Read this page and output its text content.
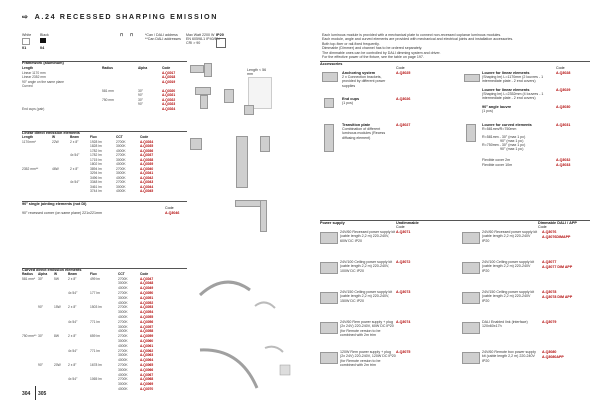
⇨ A.24 RECESSED SHARPING EMISSION
White Black
01	04
⊓ ⊓	*Can / DALI address
**Can DALI addresses
Max Watt 2200 W
EN 60598-1 IP40/EN
CRI > 90
IP20	Each luminous module is provided with a mechanical plate to connect non-recessed coplanar luminous modules.
Each module, angle and curved elements are provided with mechanical and electrical joints and installation accessories.
Both top-fixer or rail-fixed frequently.
Dimmable (Dimmer) and channel has to be ordered separately.
The dimmable ones can be controlled by DALI dimming system and driver.
For the effective power of the fixture, see the table on page 197.
Framework (aluminum)
Length	Radius	Alpha	Code
Linear 1170 mm	A.Q3017
Linear 2352 mm	A.Q3018
90° angle on the same plane	A.Q3019
Curved
581 mm	30°	A.Q3020
90°	A.Q3021
750 mm	30°	A.Q3022
90°	A.Q3023
End cups (pair)	A.Q3024
Length < 56 mm
Linear direct emission elements
Length	W	Beam	Flux	CCT	Code
1170mm*	22W	2 x 8°	1928 lm	2700K	A.Q3034
1828 lm	3000K	A.Q3035
1782 lm	4000K	A.Q3036
4x 54°	1782 lm	2700K	A.Q3037
1715 lm	3000K	A.Q3038
1802 lm	4000K	A.Q3039
2352 mm**	46W	2 x 8°	3894 lm	2700K	A.Q3040
3294 lm	3000K	A.Q3041
3496 lm	4000K	A.Q3042
4x 54°	3348 lm	2700K	A.Q3043
3461 lm	3000K	A.Q3044
3744 lm	4000K	A.Q3045
90° single jointing elements (not DI)
Code
90° recessed corner (on same plane) 221x221mm	A.Q3046
Curved direct emission elements
Radius Alpha W	Beam	Flux	CCT	Code
581 mm* 30°	5W	2 x 8°	499 lm	2700K	A.Q3047
3000K	A.Q3048
4000K	A.Q3049
4x 54°	177 lm	2700K	A.Q3050
3000K	A.Q3051
4000K	A.Q3052
90°	15W 2 x 8°	1503 lm	2700K	A.Q3053
3000K	A.Q3054
4000K	A.Q3055
4x 54°	771 lm	2700K	A.Q3056
3000K	A.Q3057
4000K	A.Q3058
750 mm** 30°	8W	2 x 8°	659 lm	2700K	A.Q3059
3000K	A.Q3060
4000K	A.Q3061
4x 54°	771 lm	2700K	A.Q3062
3000K	A.Q3063
4000K	A.Q3064
90°	20W 2 x 8°	1678 lm	2700K	A.Q3065
3000K	A.Q3066
4000K	A.Q3067
4x 54°	1065 lm	2700K	A.Q3068
3000K	A.Q3069
4000K	A.Q3070
Accessories
Code	Code
Anchoring system
2 x Connection brackets, provided by different power supplies
A.Q3025
End cups
(1 pcs)
A.Q3026
Transition plate
Combination of different luminous modules (Recess diffusing element)
A.Q3027
Louvre for linear elements
(Shaping lm) L=1170mm (2 louvres - 1 intermediate plate - 2 end covers)
A.Q3028
Louvre for linear elements
(Shaping lm) L=2352mm (4 louvres - 1 intermediate plate - 2 end covers)
A.Q3029
90° angle louvre
(1 pcs)
A.Q3030
Louvre for curved elements
R=581mm/R=750mm
A.Q3031
R=581mm - 30° (max 1 pc)
90° (max 1 pc)
R=750mm - 30° (max 1 pc)
90° (max 1 pc)
Flexible cover 2m	A.Q3032
Flexible cover 10m	A.Q3033
Power supply	Undimmable
Code
Dimmable DALI / APP
Code
24V/60 Recessed power supply kit (cable length 2,2 m) 220-240V, 60W DC IP20
A.Q3071
24V/100 Ceiling power supply kit (cable length 2,2 m) 220-240V, 100W DC IP20
A.Q3072
24V/150 Ceiling power supply kit (cable length 2,2 m) 220-240V, 150W DC IP20
A.Q3073
24V/60 Rem power supply + plug (2x 24V) 220-240V, 60W DC IP20 (for Remote version to be combined with 2m trim
A.Q3074
120W Rem power supply + plug (2x 24V) 220-240V, 120W DC IP20 (for Remote version to be combined with 2m trim
A.Q3075
24V/60 Recessed power supply kit (cable length 2,2 m) 220-240V IP20
A.Q3076
A.Q3076DIMAPP
24V/100 Ceiling power supply kit (cable length 2,2 m) 220-240V IP20
A.Q3077
A.Q3077 DIM APP
24V/150 Ceiling power supply kit (cable length 2,2 m) 220-240V IP20
A.Q3078
A.Q3078 DIM APP
DALI Enabled link (interface) 120x60x17h
A.Q3079
24V/60 Remote box power supply kit (cable length 2,2 m) 220-240V IP20
A.Q3080
A.Q3080APP
304 305
